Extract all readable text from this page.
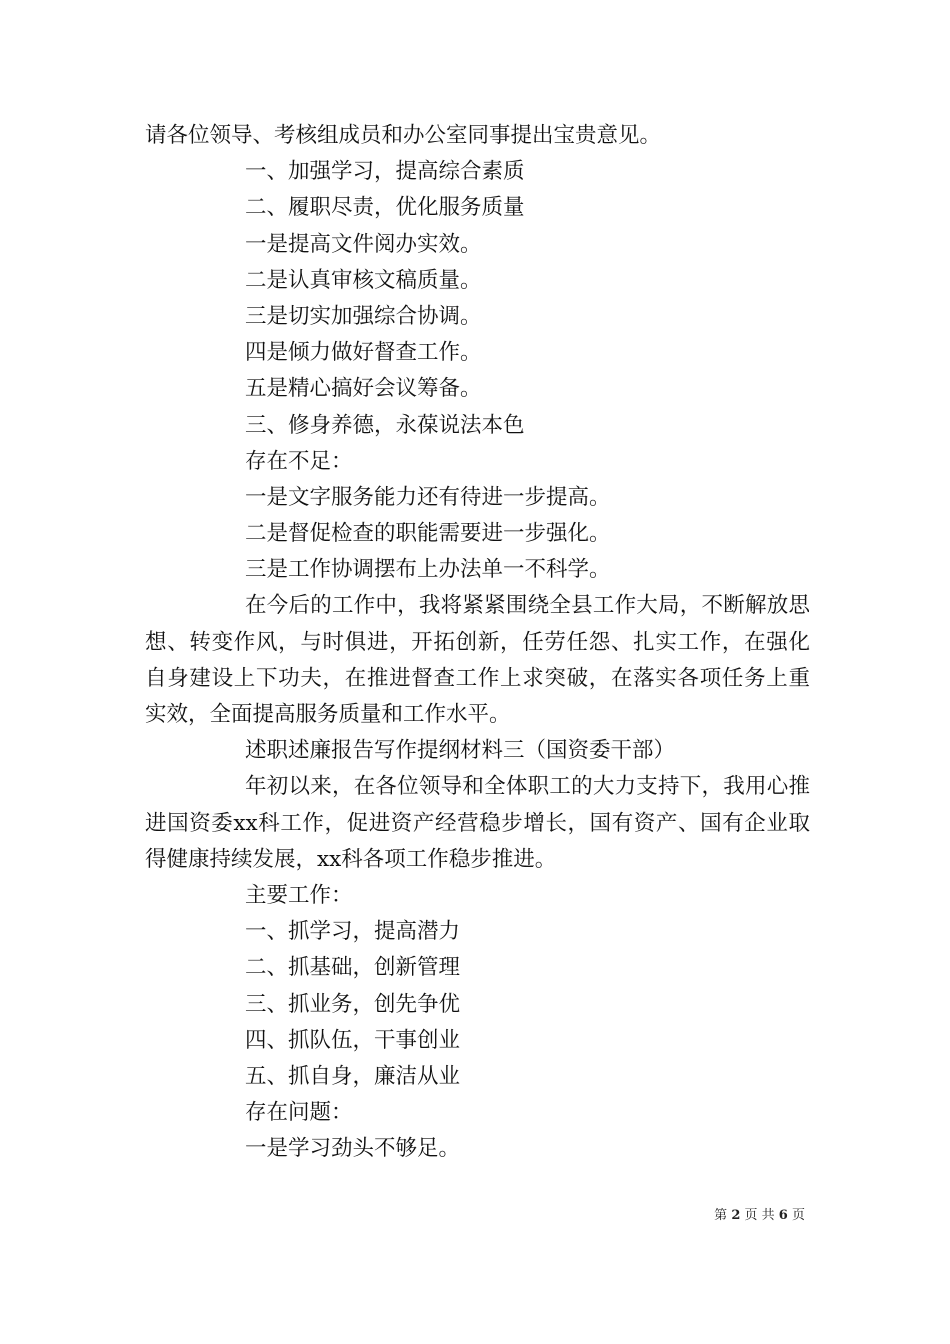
请各位领导、考核组成员和办公室同事提出宝贵意见。
一、加强学习，提高综合素质
二、履职尽责，优化服务质量
一是提高文件阅办实效。
二是认真审核文稿质量。
三是切实加强综合协调。
四是倾力做好督查工作。
五是精心搞好会议筹备。
三、修身养德，永葆说法本色
存在不足：
一是文字服务能力还有待进一步提高。
二是督促检查的职能需要进一步强化。
三是工作协调摆布上办法单一不科学。
在今后的工作中，我将紧紧围绕全县工作大局，不断解放思想、转变作风，与时俱进，开拓创新，任劳任怨、扎实工作，在强化自身建设上下功夫，在推进督查工作上求突破，在落实各项任务上重实效，全面提高服务质量和工作水平。
述职述廉报告写作提纲材料三（国资委干部）
年初以来，在各位领导和全体职工的大力支持下，我用心推进国资委xx科工作，促进资产经营稳步增长，国有资产、国有企业取得健康持续发展，xx科各项工作稳步推进。
主要工作：
一、抓学习，提高潜力
二、抓基础，创新管理
三、抓业务，创先争优
四、抓队伍，干事创业
五、抓自身，廉洁从业
存在问题：
一是学习劲头不够足。
第 2 页 共 6 页
